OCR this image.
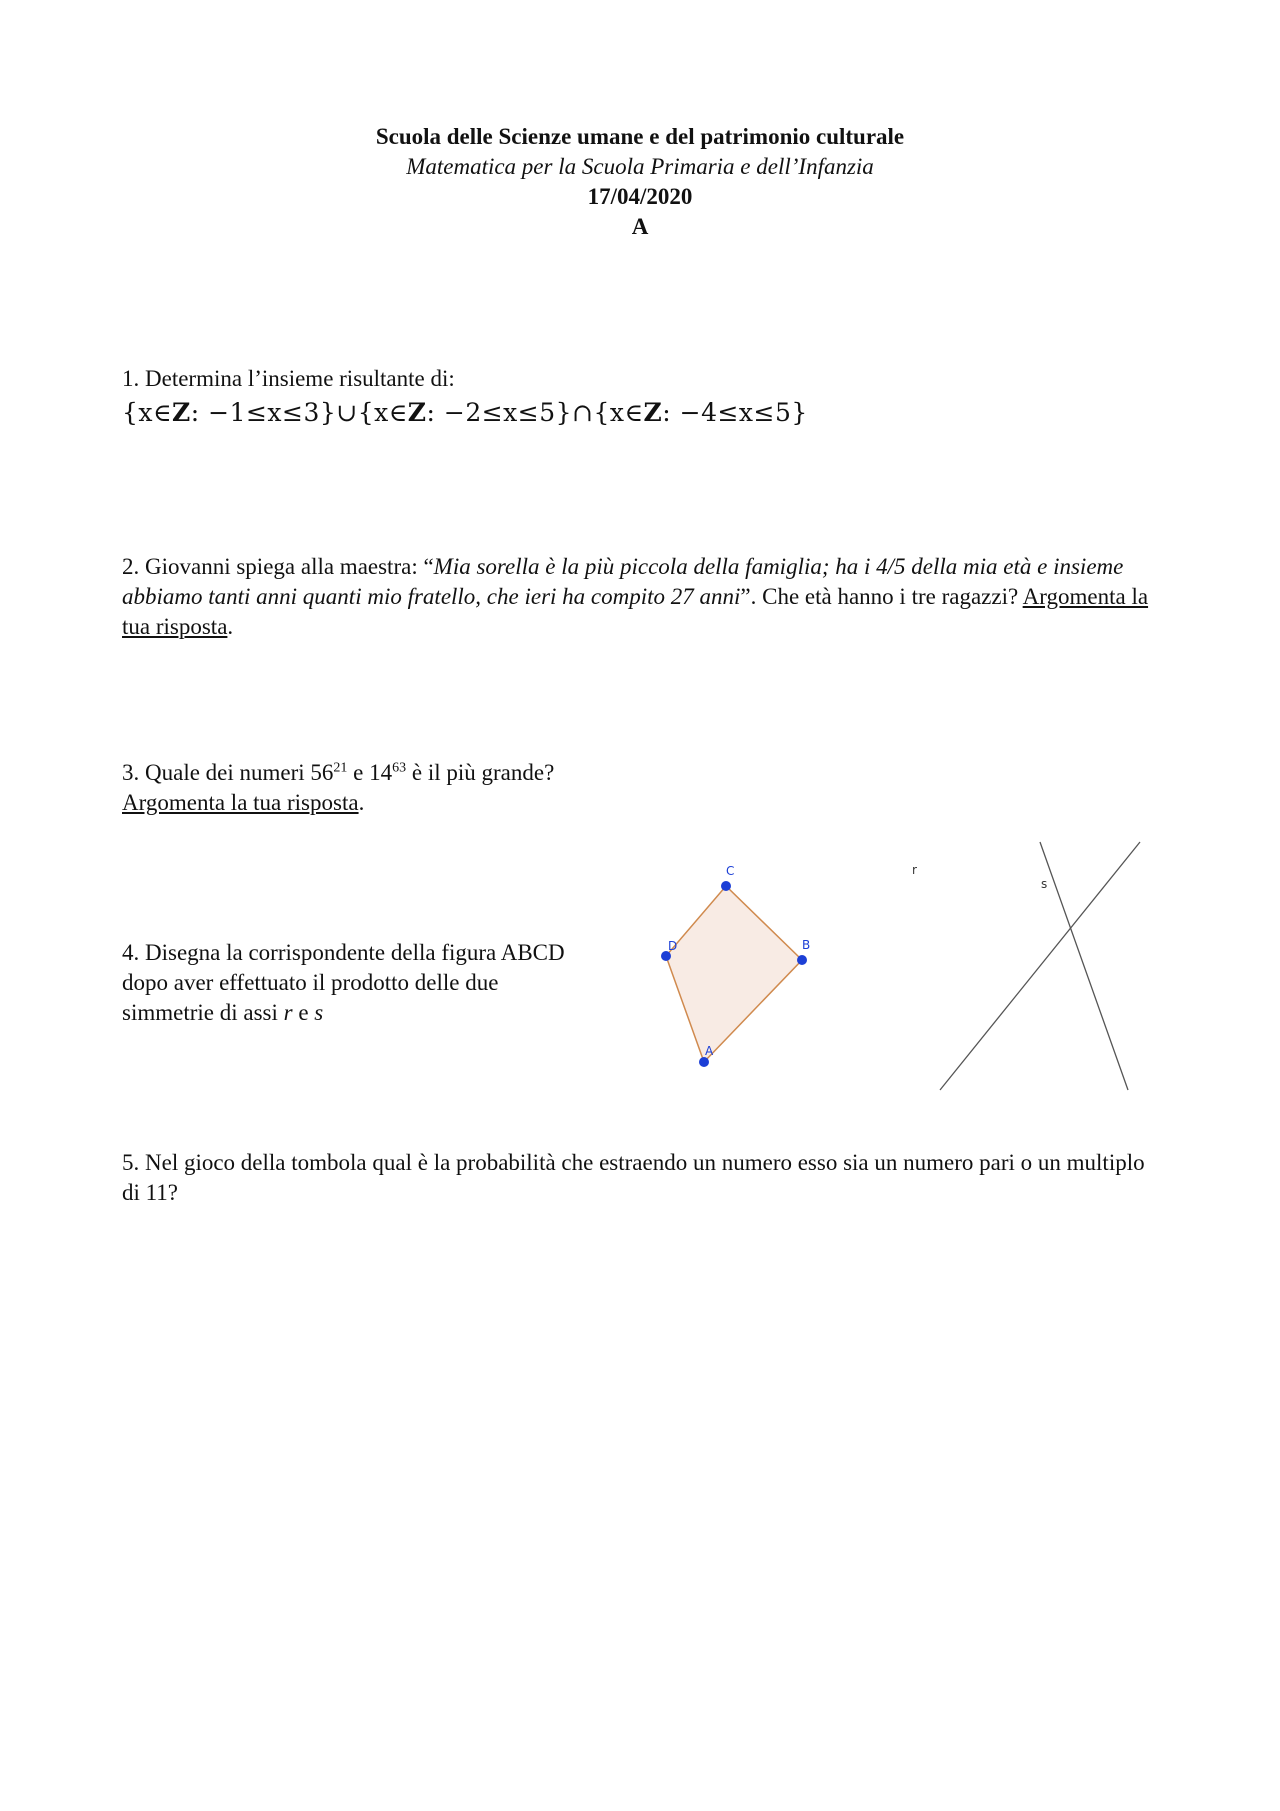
Scuola delle Scienze umane e del patrimonio culturale
Matematica per la Scuola Primaria e dell’Infanzia
17/04/2020
A
1. Determina l’insieme risultante di:
{x∈Z: −1≤x≤3}∪{x∈Z: −2≤x≤5}∩{x∈Z: −4≤x≤5}
2. Giovanni spiega alla maestra: “Mia sorella è la più piccola della famiglia; ha i 4/5 della mia età e insieme abbiamo tanti anni quanti mio fratello, che ieri ha compito 27 anni”. Che età hanno i tre ragazzi? Argomenta la tua risposta.
3. Quale dei numeri $56^{21}$ e $14^{63}$ è il più grande?
Argomenta la tua risposta.
4. Disegna la corrispondente della figura ABCD
dopo aver effettuato il prodotto delle due
simmetrie di assi r e s
A
B
C
D
r
s
5. Nel gioco della tombola qual è la probabilità che estraendo un numero esso sia un numero pari o un multiplo di 11?
